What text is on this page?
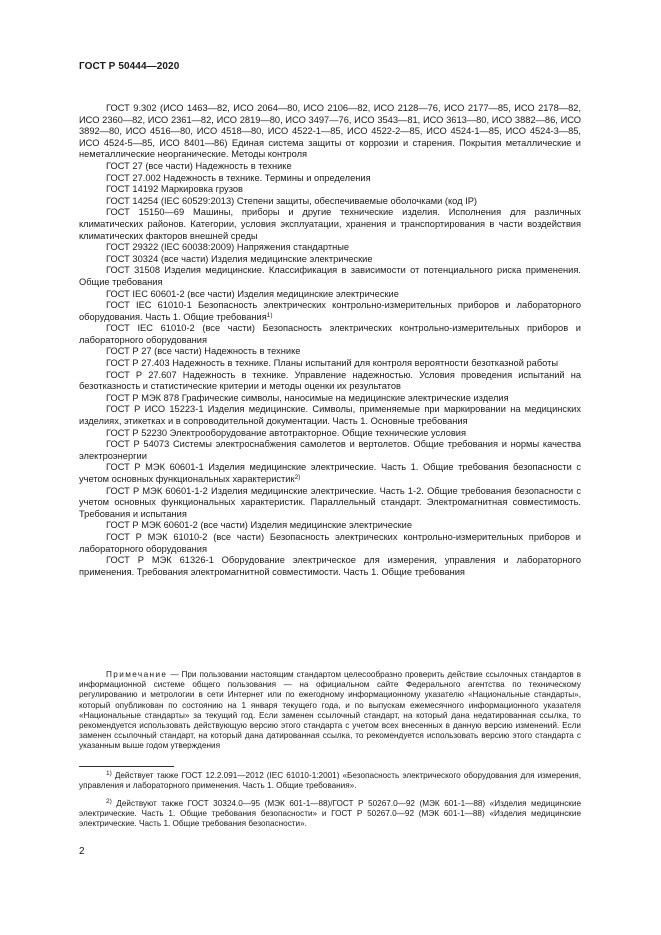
ГОСТ Р 50444—2020

ГОСТ 9.302 (ИСО 1463—82, ИСО 2064—80, ИСО 2106—82, ИСО 2128—76, ИСО 2177—85, ИСО 2178—82, ИСО 2360—82, ИСО 2361—82, ИСО 2819—80, ИСО 3497—76, ИСО 3543—81, ИСО 3613—80, ИСО 3882—86, ИСО 3892—80, ИСО 4516—80, ИСО 4518—80, ИСО 4522-1—85, ИСО 4522-2—85, ИСО 4524-1—85, ИСО 4524-3—85, ИСО 4524-5—85, ИСО 8401—86) Единая система защиты от коррозии и старения. Покрытия металлические и неметаллические неорганические. Методы контроля

ГОСТ 27 (все части) Надежность в технике

ГОСТ 27.002 Надежность в технике. Термины и определения

ГОСТ 14192 Маркировка грузов

ГОСТ 14254 (IEC 60529:2013) Степени защиты, обеспечиваемые оболочками (код IP)

ГОСТ 15150—69 Машины, приборы и другие технические изделия. Исполнения для различных климатических районов. Категории, условия эксплуатации, хранения и транспортирования в части воздействия климатических факторов внешней среды

ГОСТ 29322 (IEC 60038:2009) Напряжения стандартные

ГОСТ 30324 (все части) Изделия медицинские электрические

ГОСТ 31508 Изделия медицинские. Классификация в зависимости от потенциального риска применения. Общие требования

ГОСТ IEC 60601-2 (все части) Изделия медицинские электрические

ГОСТ IEC 61010-1 Безопасность электрических контрольно-измерительных приборов и лабораторного оборудования. Часть 1. Общие требования$^{1)}$

ГОСТ IEC 61010-2 (все части) Безопасность электрических контрольно-измерительных приборов и лабораторного оборудования

ГОСТ Р 27 (все части) Надежность в технике

ГОСТ Р 27.403 Надежность в технике. Планы испытаний для контроля вероятности безотказной работы

ГОСТ Р 27.607 Надежность в технике. Управление надежностью. Условия проведения испытаний на безотказность и статистические критерии и методы оценки их результатов

ГОСТ Р МЭК 878 Графические символы, наносимые на медицинские электрические изделия

ГОСТ Р ИСО 15223-1 Изделия медицинские. Символы, применяемые при маркировании на медицинских изделиях, этикетках и в сопроводительной документации. Часть 1. Основные требования

ГОСТ Р 52230 Электрооборудование автотракторное. Общие технические условия

ГОСТ Р 54073 Системы электроснабжения самолетов и вертолетов. Общие требования и нормы качества электроэнергии

ГОСТ Р МЭК 60601-1 Изделия медицинские электрические. Часть 1. Общие требования безопасности с учетом основных функциональных характеристик$^{2)}$

ГОСТ Р МЭК 60601-1-2 Изделия медицинские электрические. Часть 1-2. Общие требования безопасности с учетом основных функциональных характеристик. Параллельный стандарт. Электромагнитная совместимость. Требования и испытания

ГОСТ Р МЭК 60601-2 (все части) Изделия медицинские электрические

ГОСТ Р МЭК 61010-2 (все части) Безопасность электрических контрольно-измерительных приборов и лабораторного оборудования

ГОСТ Р МЭК 61326-1 Оборудование электрическое для измерения, управления и лабораторного применения. Требования электромагнитной совместимости. Часть 1. Общие требования

Примечание — При пользовании настоящим стандартом целесообразно проверить действие ссылочных стандартов в информационной системе общего пользования — на официальном сайте Федерального агентства по техническому регулированию и метрологии в сети Интернет или по ежегодному информационному указателю «Национальные стандарты», который опубликован по состоянию на 1 января текущего года, и по выпускам ежемесячного информационного указателя «Национальные стандарты» за текущий год. Если заменен ссылочный стандарт, на который дана недатированная ссылка, то рекомендуется использовать действующую версию этого стандарта с учетом всех внесенных в данную версию изменений. Если заменен ссылочный стандарт, на который дана датированная ссылка, то рекомендуется использовать версию этого стандарта с указанным выше годом утверждения

$^{1)}$ Действует также ГОСТ 12.2.091—2012 (IEC 61010-1:2001) «Безопасность электрического оборудования для измерения, управления и лабораторного применения. Часть 1. Общие требования».

$^{2)}$ Действуют также ГОСТ 30324.0—95 (МЭК 601-1—88)/ГОСТ Р 50267.0—92 (МЭК 601-1—88) «Изделия медицинские электрические. Часть 1. Общие требования безопасности» и ГОСТ Р 50267.0—92 (МЭК 601-1—88) «Изделия медицинские электрические. Часть 1. Общие требования безопасности».

2
